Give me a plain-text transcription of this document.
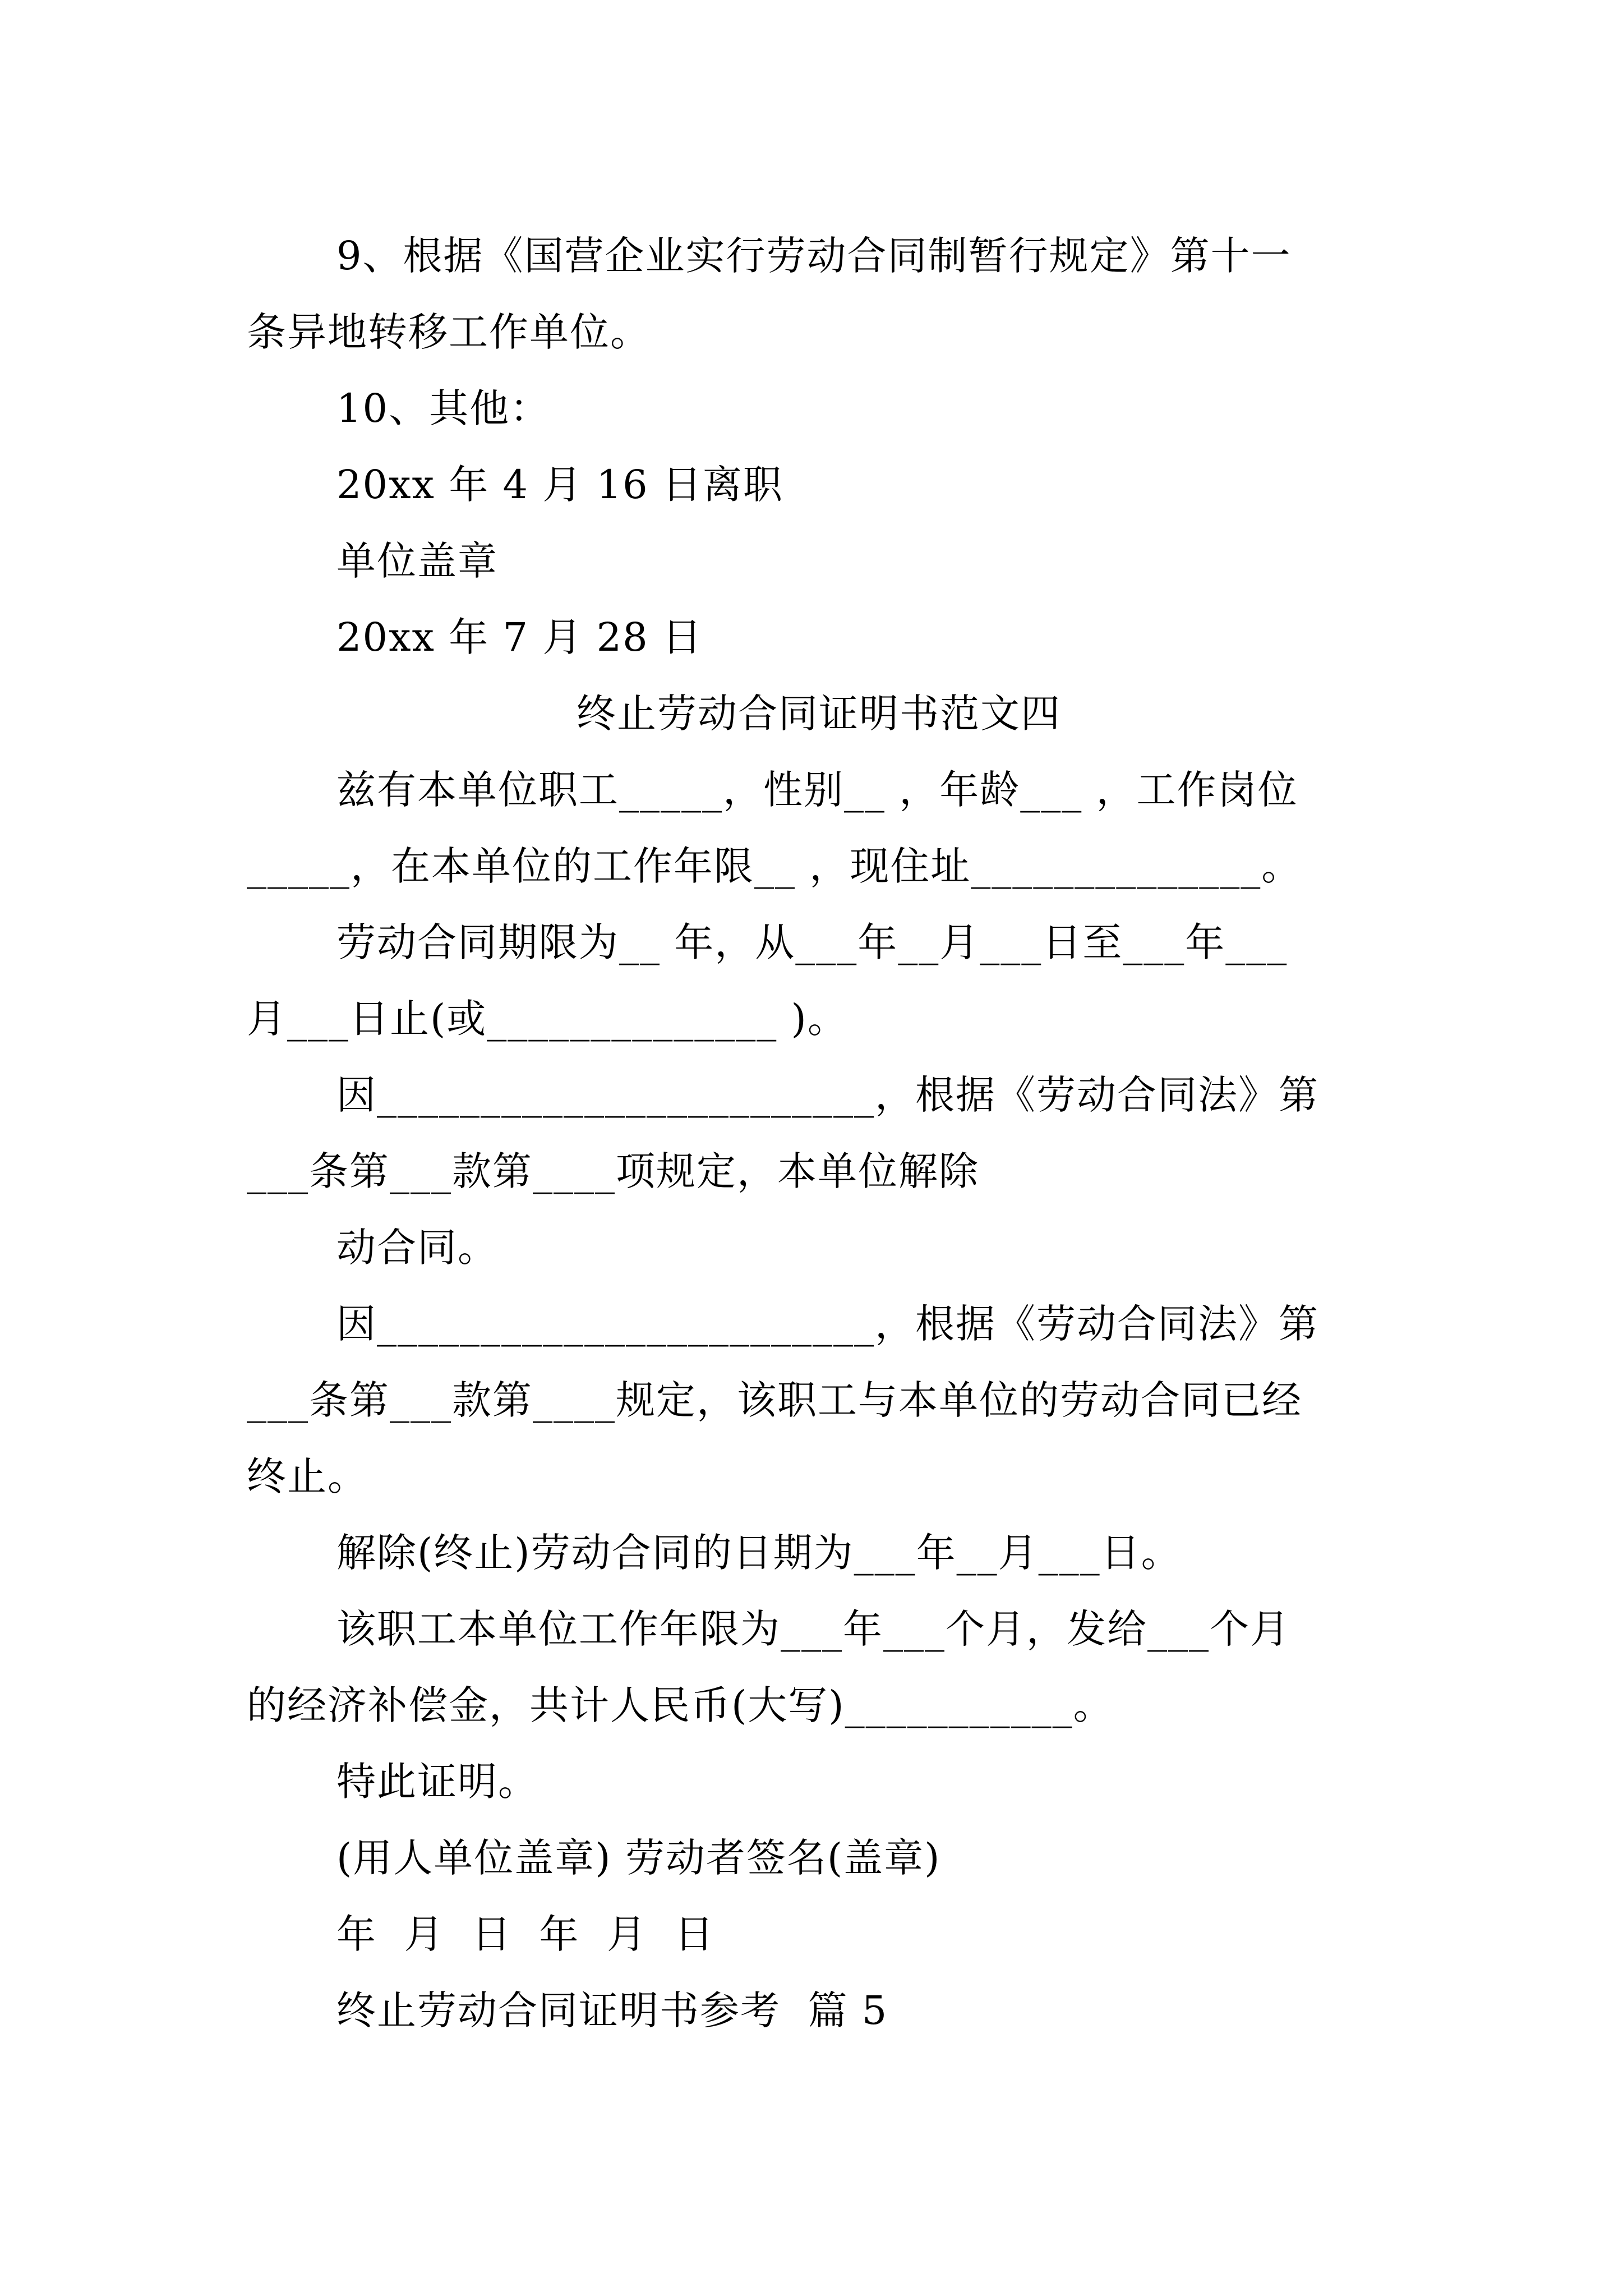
9、根据《国营企业实行劳动合同制暂行规定》第十一
条异地转移工作单位。
10、其他：
20xx 年 4 月 16 日离职
单位盖章
20xx 年 7 月 28 日
终止劳动合同证明书范文四
兹有本单位职工_____，性别__ ，年龄___ ，工作岗位
_____，在本单位的工作年限__ ，现住址______________。
劳动合同期限为__ 年，从___年__月___日至___年___
月___日止(或______________ )。
因________________________，根据《劳动合同法》第
___条第___款第____项规定，本单位解除
动合同。
因________________________，根据《劳动合同法》第
___条第___款第____规定，该职工与本单位的劳动合同已经
终止。
解除(终止)劳动合同的日期为___年__月___日。
该职工本单位工作年限为___年___个月，发给___个月
的经济补偿金，共计人民币(大写)___________。
特此证明。
(用人单位盖章) 劳动者签名(盖章)
年  月  日  年  月  日
终止劳动合同证明书参考  篇 5
